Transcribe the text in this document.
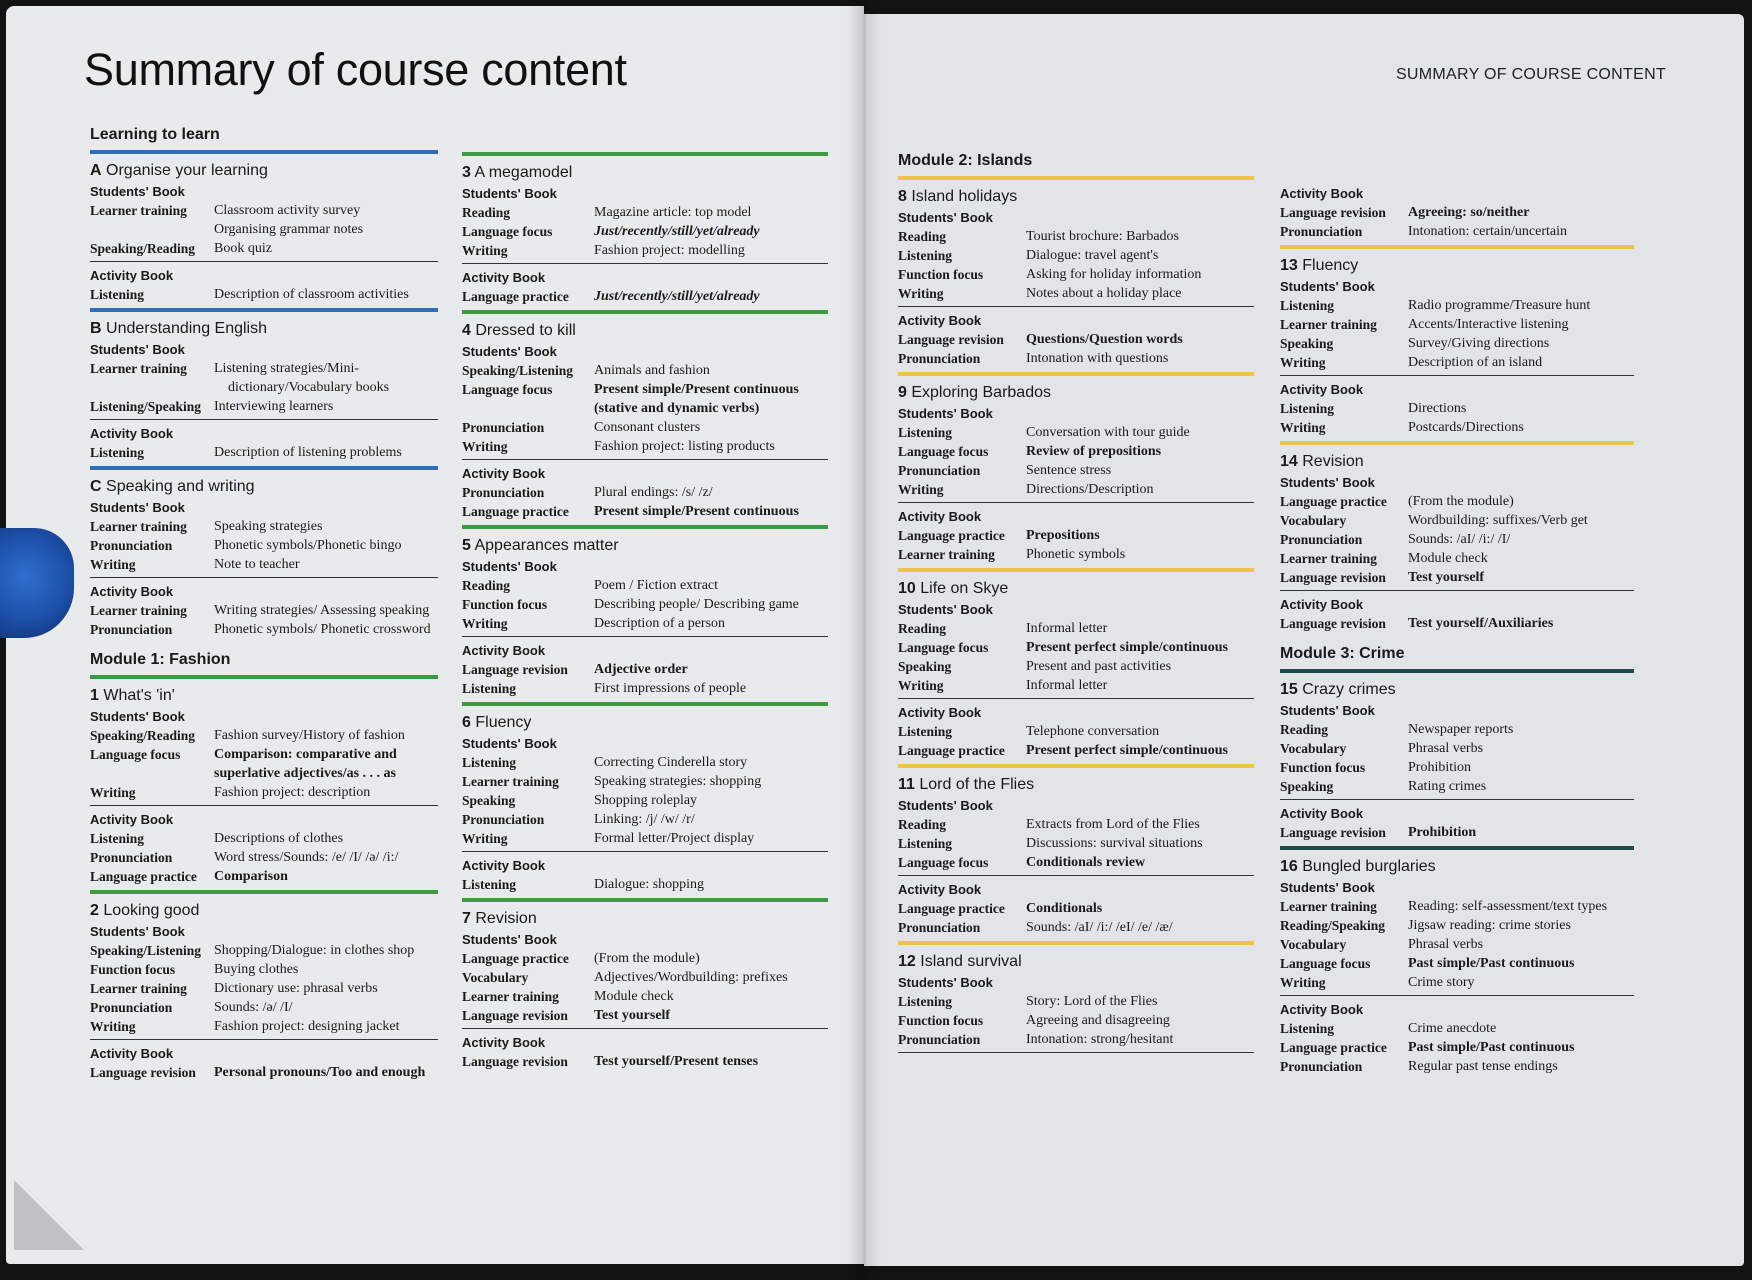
Summary of course content	SUMMARY OF COURSE CONTENT
Learning to learn
A Organise your learning
Students' Book
Learner training	Classroom activity survey
Organising grammar notes
Speaking/Reading	Book quiz
Activity Book
Listening	Description of classroom activities
B Understanding English
Students' Book
Learner training	Listening strategies/Mini-dictionary/Vocabulary books
Listening/Speaking Interviewing learners
Activity Book
Listening	Description of listening problems
C Speaking and writing
Students' Book
Learner training	Speaking strategies
Pronunciation	Phonetic symbols/Phonetic bingo
Writing	Note to teacher
Activity Book
Learner training	Writing strategies/ Assessing speaking
Pronunciation	Phonetic symbols/ Phonetic crossword
Module 1: Fashion
1 What's 'in'
Students' Book
Speaking/Reading	Fashion survey/History of fashion
Language focus	Comparison: comparative and superlative adjectives/as . . . as
Writing	Fashion project: description
Activity Book
Listening	Descriptions of clothes
Pronunciation	Word stress/Sounds: /e/ /I/ /ə/ /i:/
Language practice	Comparison
2 Looking good
Students' Book
Speaking/Listening Shopping/Dialogue: in clothes shop
Function focus	Buying clothes
Learner training	Dictionary use: phrasal verbs
Pronunciation	Sounds: /ə/ /I/
Writing	Fashion project: designing jacket
Activity Book
Language revision	Personal pronouns/Too and enough
3 A megamodel
Students' Book
Reading	Magazine article: top model
Language focus	Just/recently/still/yet/already
Writing	Fashion project: modelling
Activity Book
Language practice	Just/recently/still/yet/already
4 Dressed to kill
Students' Book
Speaking/Listening	Animals and fashion
Language focus	Present simple/Present continuous (stative and dynamic verbs)
Pronunciation	Consonant clusters
Writing	Fashion project: listing products
Activity Book
Pronunciation	Plural endings: /s/ /z/
Language practice	Present simple/Present continuous
5 Appearances matter
Students' Book
Reading	Poem / Fiction extract
Function focus	Describing people/ Describing game
Writing	Description of a person
Activity Book
Language revision	Adjective order
Listening	First impressions of people
6 Fluency
Students' Book
Listening	Correcting Cinderella story
Learner training	Speaking strategies: shopping
Speaking	Shopping roleplay
Pronunciation	Linking: /j/ /w/ /r/
Writing	Formal letter/Project display
Activity Book
Listening	Dialogue: shopping
7 Revision
Students' Book
Language practice	(From the module)
Vocabulary	Adjectives/Wordbuilding: prefixes
Learner training	Module check
Language revision	Test yourself
Activity Book
Language revision	Test yourself/Present tenses
Module 2: Islands
8 Island holidays
Students' Book
Reading	Tourist brochure: Barbados
Listening	Dialogue: travel agent's
Function focus	Asking for holiday information
Writing	Notes about a holiday place
Activity Book
Language revision	Questions/Question words
Pronunciation	Intonation with questions
9 Exploring Barbados
Students' Book
Listening	Conversation with tour guide
Language focus	Review of prepositions
Pronunciation	Sentence stress
Writing	Directions/Description
Activity Book
Language practice	Prepositions
Learner training	Phonetic symbols
10 Life on Skye
Students' Book
Reading	Informal letter
Language focus	Present perfect simple/continuous
Speaking	Present and past activities
Writing	Informal letter
Activity Book
Listening	Telephone conversation
Language practice	Present perfect simple/continuous
11 Lord of the Flies
Students' Book
Reading	Extracts from Lord of the Flies
Listening	Discussions: survival situations
Language focus	Conditionals review
Activity Book
Language practice	Conditionals
Pronunciation	Sounds: /aI/ /i:/ /eI/ /e/ /æ/
12 Island survival
Students' Book
Listening	Story: Lord of the Flies
Function focus	Agreeing and disagreeing
Pronunciation	Intonation: strong/hesitant
Activity Book
Language revision	Agreeing: so/neither
Pronunciation	Intonation: certain/uncertain
13 Fluency
Students' Book
Listening	Radio programme/Treasure hunt
Learner training	Accents/Interactive listening
Speaking	Survey/Giving directions
Writing	Description of an island
Activity Book
Listening	Directions
Writing	Postcards/Directions
14 Revision
Students' Book
Language practice	(From the module)
Vocabulary	Wordbuilding: suffixes/Verb get
Pronunciation	Sounds: /aI/ /i:/ /I/
Learner training	Module check
Language revision	Test yourself
Activity Book
Language revision	Test yourself/Auxiliaries
Module 3: Crime
15 Crazy crimes
Students' Book
Reading	Newspaper reports
Vocabulary	Phrasal verbs
Function focus	Prohibition
Speaking	Rating crimes
Activity Book
Language revision	Prohibition
16 Bungled burglaries
Students' Book
Learner training	Reading: self-assessment/text types
Reading/Speaking	Jigsaw reading: crime stories
Vocabulary	Phrasal verbs
Language focus	Past simple/Past continuous
Writing	Crime story
Activity Book
Listening	Crime anecdote
Language practice	Past simple/Past continuous
Pronunciation	Regular past tense endings
